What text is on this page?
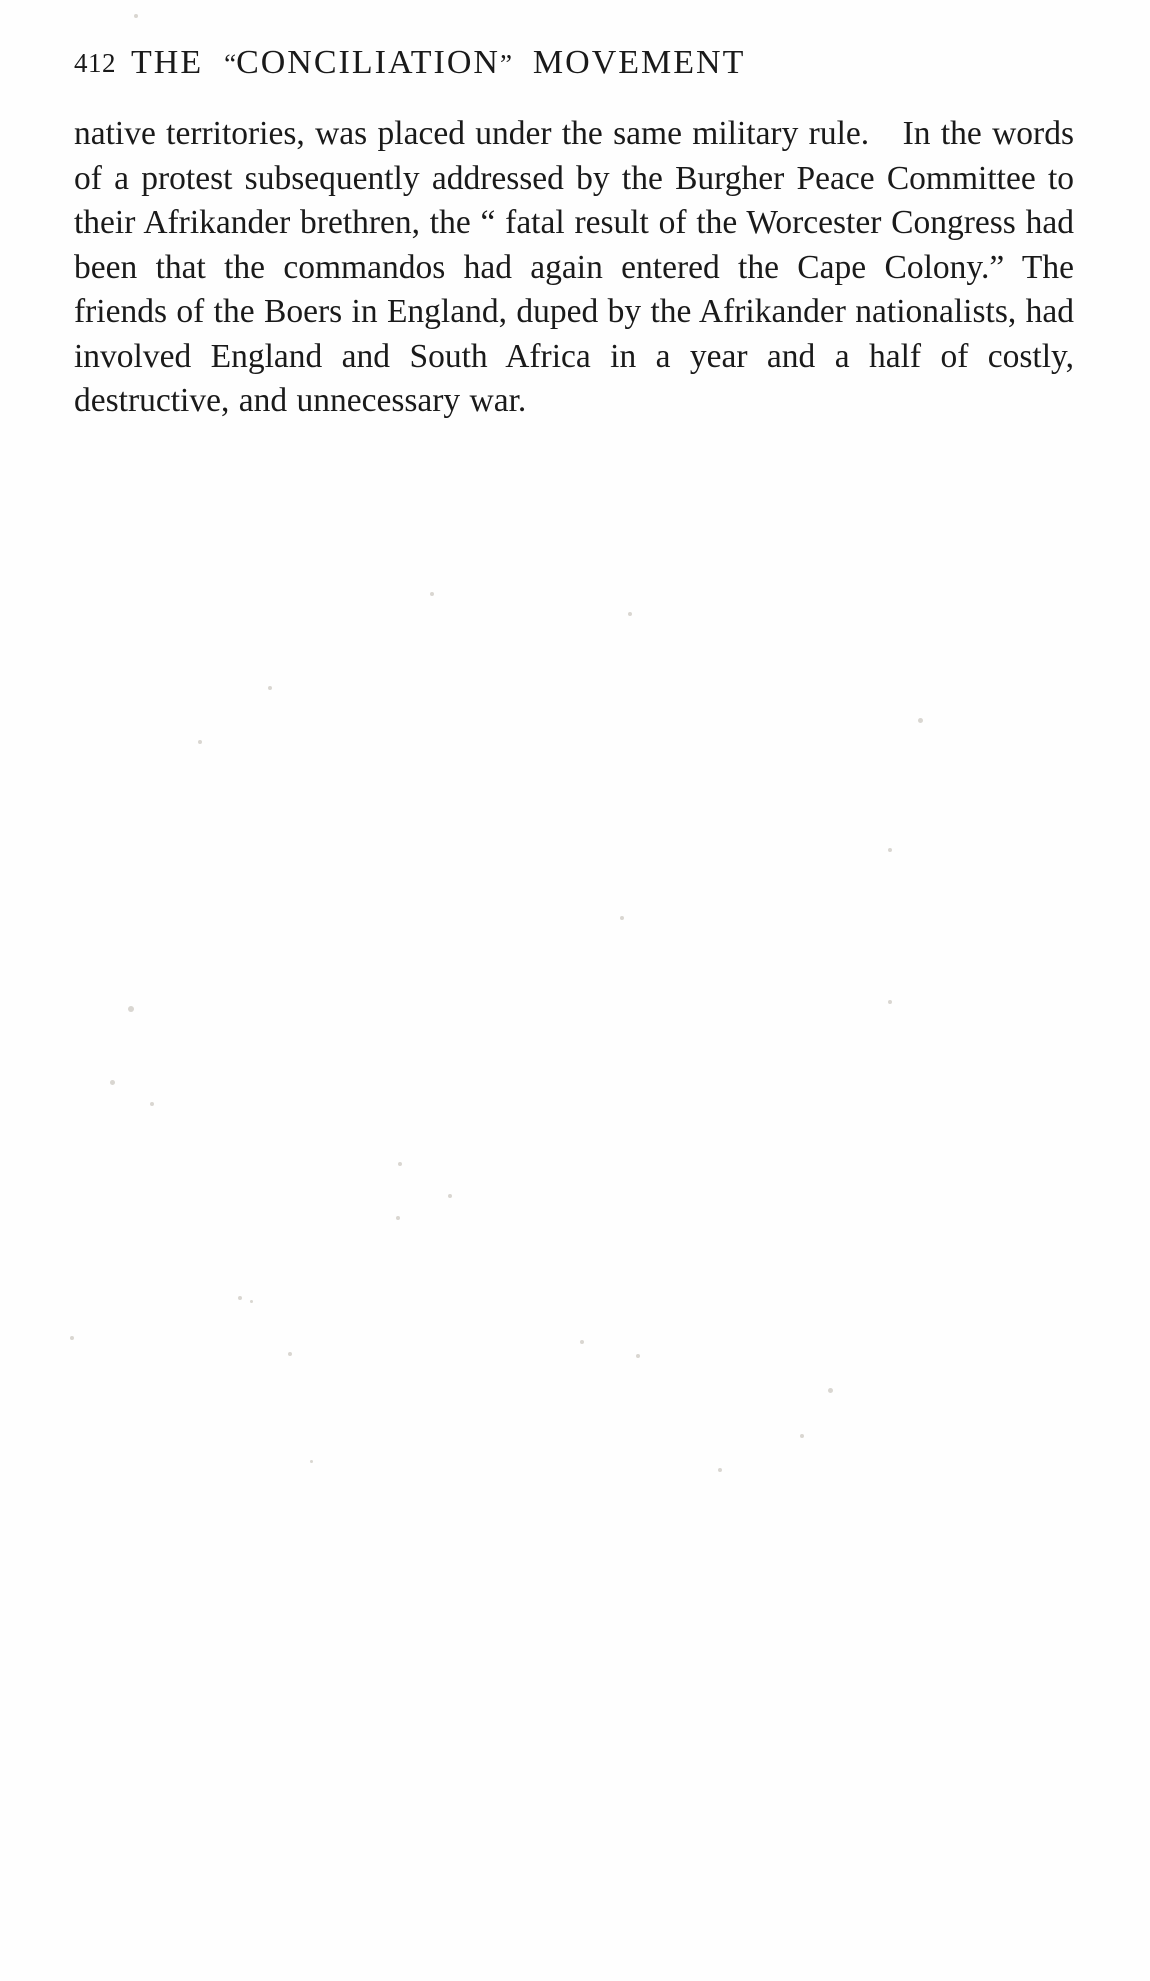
412 THE “CONCILIATION” MOVEMENT

native territories, was placed under the same military rule. In the words of a protest subsequently addressed by the Burgher Peace Committee to their Afrikander brethren, the “ fatal result of the Worcester Congress had been that the commandos had again entered the Cape Colony.” The friends of the Boers in England, duped by the Afrikander nationalists, had involved England and South Africa in a year and a half of costly, destructive, and unnecessary war.
